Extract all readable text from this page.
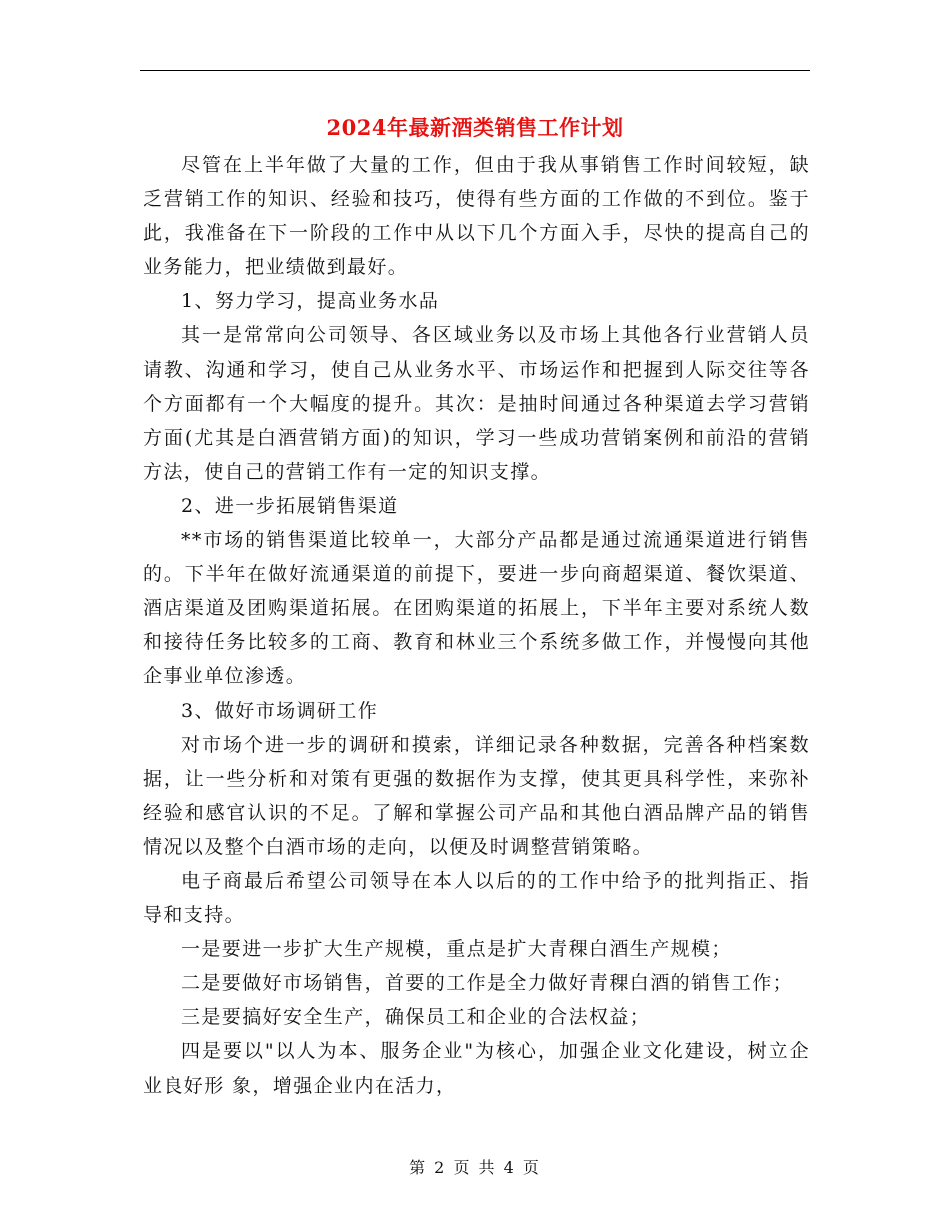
2024年最新酒类销售工作计划

尽管在上半年做了大量的工作，但由于我从事销售工作时间较短，缺乏营销工作的知识、经验和技巧，使得有些方面的工作做的不到位。鉴于此，我准备在下一阶段的工作中从以下几个方面入手，尽快的提高自己的业务能力，把业绩做到最好。

1、努力学习，提高业务水品

其一是常常向公司领导、各区域业务以及市场上其他各行业营销人员请教、沟通和学习，使自己从业务水平、市场运作和把握到人际交往等各个方面都有一个大幅度的提升。其次：是抽时间通过各种渠道去学习营销方面(尤其是白酒营销方面)的知识，学习一些成功营销案例和前沿的营销方法，使自己的营销工作有一定的知识支撑。

2、进一步拓展销售渠道

**市场的销售渠道比较单一，大部分产品都是通过流通渠道进行销售的。下半年在做好流通渠道的前提下，要进一步向商超渠道、餐饮渠道、酒店渠道及团购渠道拓展。在团购渠道的拓展上，下半年主要对系统人数和接待任务比较多的工商、教育和林业三个系统多做工作，并慢慢向其他企事业单位渗透。

3、做好市场调研工作

对市场个进一步的调研和摸索，详细记录各种数据，完善各种档案数据，让一些分析和对策有更强的数据作为支撑，使其更具科学性，来弥补经验和感官认识的不足。了解和掌握公司产品和其他白酒品牌产品的销售情况以及整个白酒市场的走向，以便及时调整营销策略。

电子商最后希望公司领导在本人以后的的工作中给予的批判指正、指导和支持。

一是要进一步扩大生产规模，重点是扩大青稞白酒生产规模；

二是要做好市场销售，首要的工作是全力做好青稞白酒的销售工作；

三是要搞好安全生产，确保员工和企业的合法权益；

四是要以"以人为本、服务企业"为核心，加强企业文化建设，树立企业良好形 象，增强企业内在活力，

第 2 页 共 4 页
